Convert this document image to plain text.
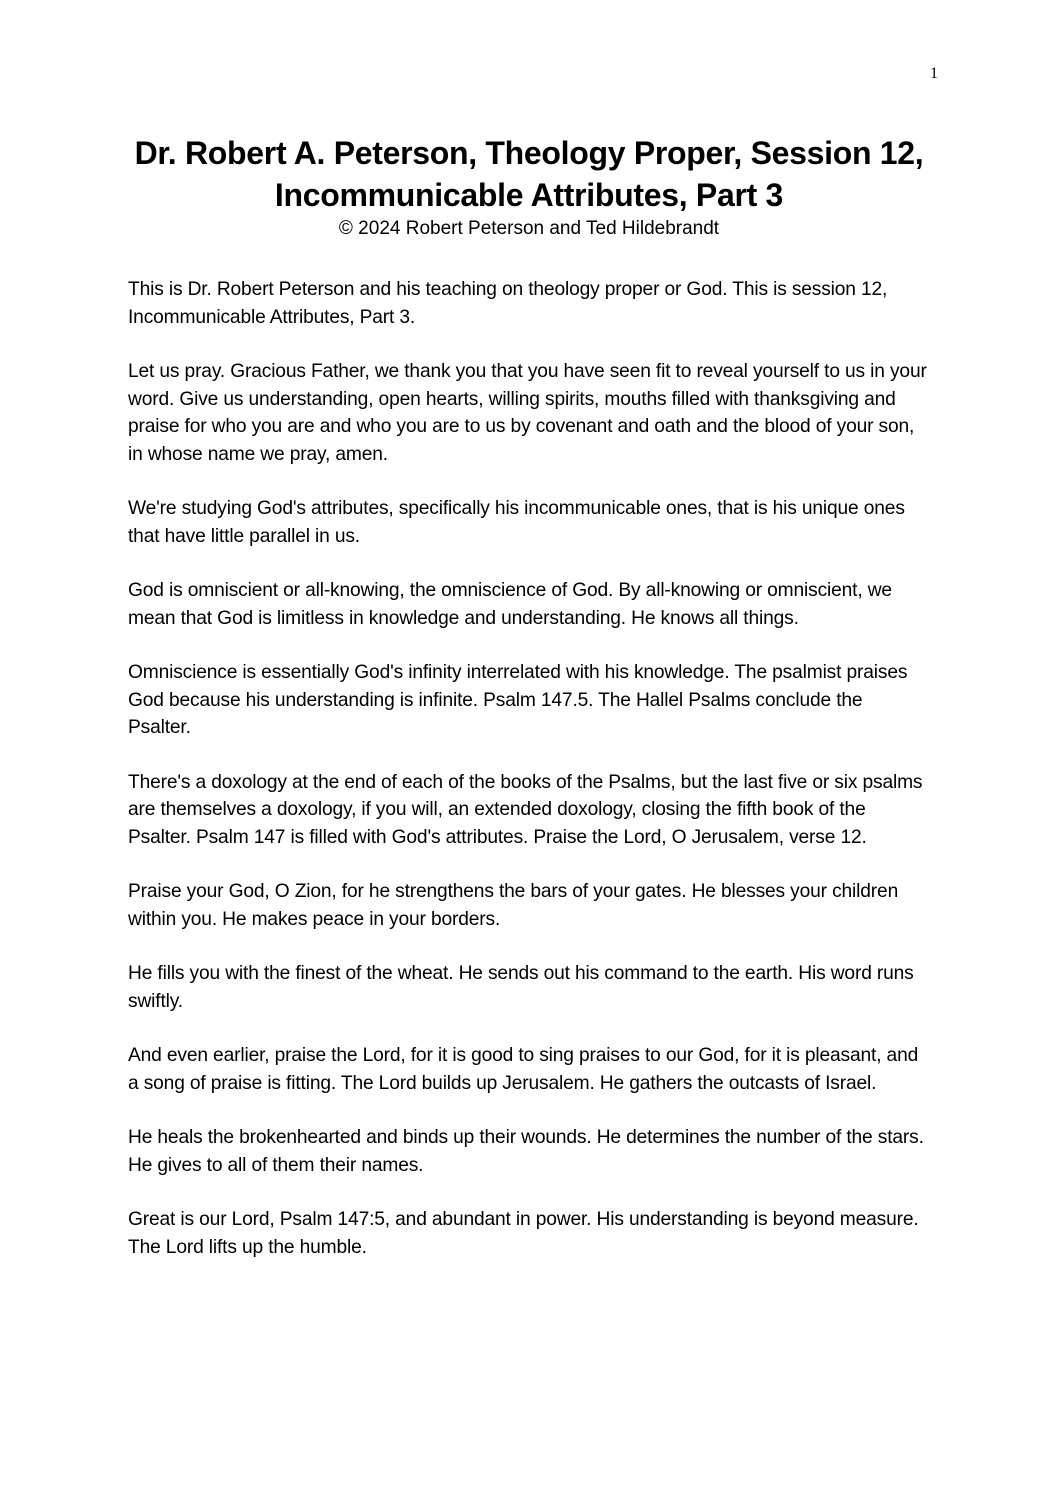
1
Dr. Robert A. Peterson, Theology Proper, Session 12, Incommunicable Attributes, Part 3

© 2024 Robert Peterson and Ted Hildebrandt

This is Dr. Robert Peterson and his teaching on theology proper or God. This is session 12, Incommunicable Attributes, Part 3.

Let us pray. Gracious Father, we thank you that you have seen fit to reveal yourself to us in your word. Give us understanding, open hearts, willing spirits, mouths filled with thanksgiving and praise for who you are and who you are to us by covenant and oath and the blood of your son, in whose name we pray, amen.

We're studying God's attributes, specifically his incommunicable ones, that is his unique ones that have little parallel in us.

God is omniscient or all-knowing, the omniscience of God. By all-knowing or omniscient, we mean that God is limitless in knowledge and understanding. He knows all things.

Omniscience is essentially God's infinity interrelated with his knowledge. The psalmist praises God because his understanding is infinite. Psalm 147.5. The Hallel Psalms conclude the Psalter.

There's a doxology at the end of each of the books of the Psalms, but the last five or six psalms are themselves a doxology, if you will, an extended doxology, closing the fifth book of the Psalter. Psalm 147 is filled with God's attributes. Praise the Lord, O Jerusalem, verse 12.

Praise your God, O Zion, for he strengthens the bars of your gates. He blesses your children within you. He makes peace in your borders.

He fills you with the finest of the wheat. He sends out his command to the earth. His word runs swiftly.

And even earlier, praise the Lord, for it is good to sing praises to our God, for it is pleasant, and a song of praise is fitting. The Lord builds up Jerusalem. He gathers the outcasts of Israel.

He heals the brokenhearted and binds up their wounds. He determines the number of the stars. He gives to all of them their names.

Great is our Lord, Psalm 147:5, and abundant in power. His understanding is beyond measure. The Lord lifts up the humble.
